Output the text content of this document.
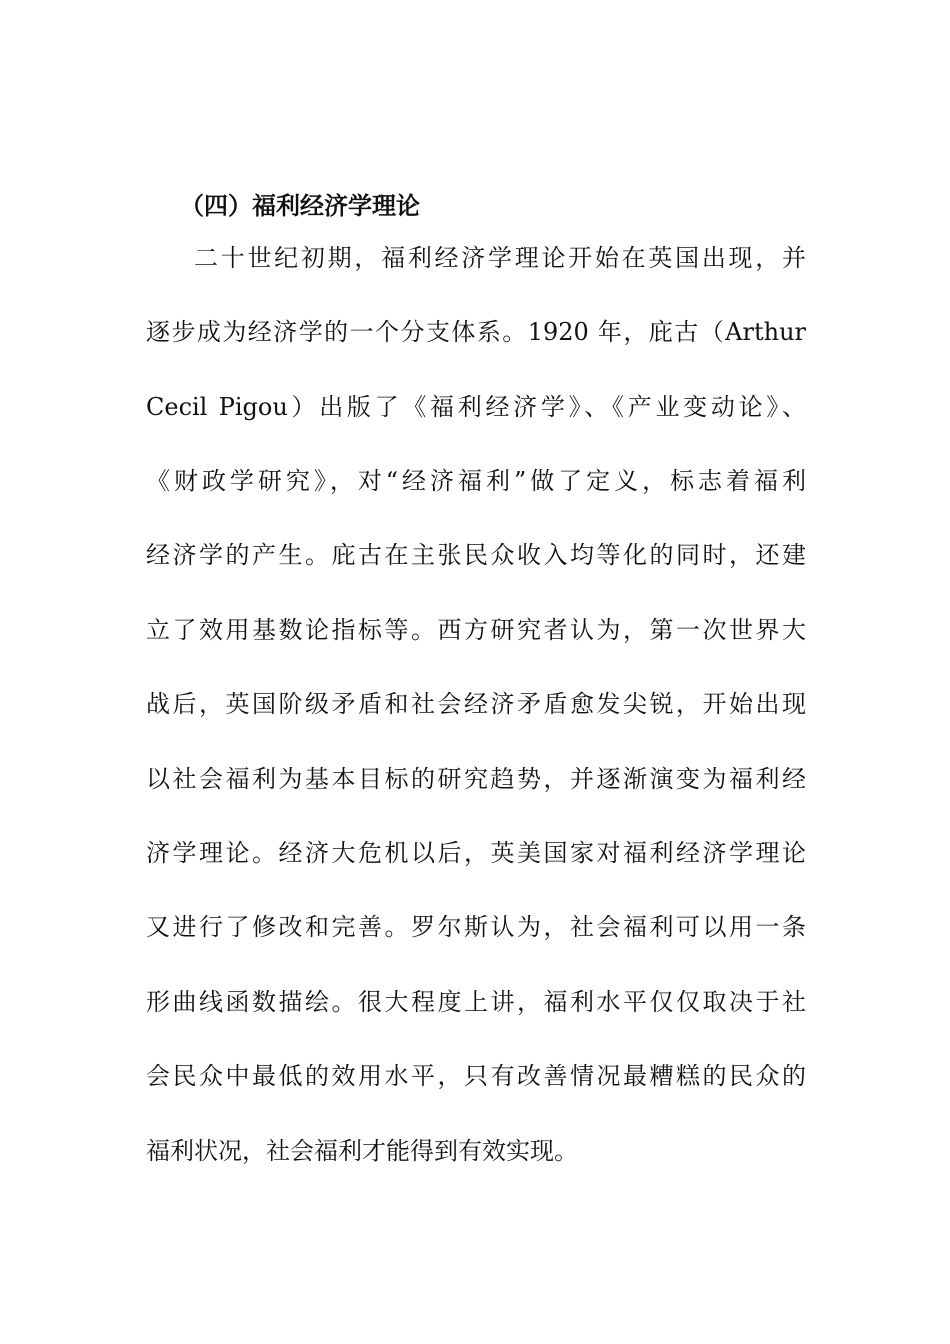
（四）福利经济学理论
二十世纪初期，福利经济学理论开始在英国出现，并
逐步成为经济学的一个分支体系。1920 年，庇古（Arthur
Cecil Pigou）出版了《福利经济学》、《产业变动论》、
《财政学研究》，对“经济福利”做了定义，标志着福利
经济学的产生。庇古在主张民众收入均等化的同时，还建
立了效用基数论指标等。西方研究者认为，第一次世界大
战后，英国阶级矛盾和社会经济矛盾愈发尖锐，开始出现
以社会福利为基本目标的研究趋势，并逐渐演变为福利经
济学理论。经济大危机以后，英美国家对福利经济学理论
又进行了修改和完善。罗尔斯认为，社会福利可以用一条
形曲线函数描绘。很大程度上讲，福利水平仅仅取决于社
会民众中最低的效用水平，只有改善情况最糟糕的民众的
福利状况，社会福利才能得到有效实现。
